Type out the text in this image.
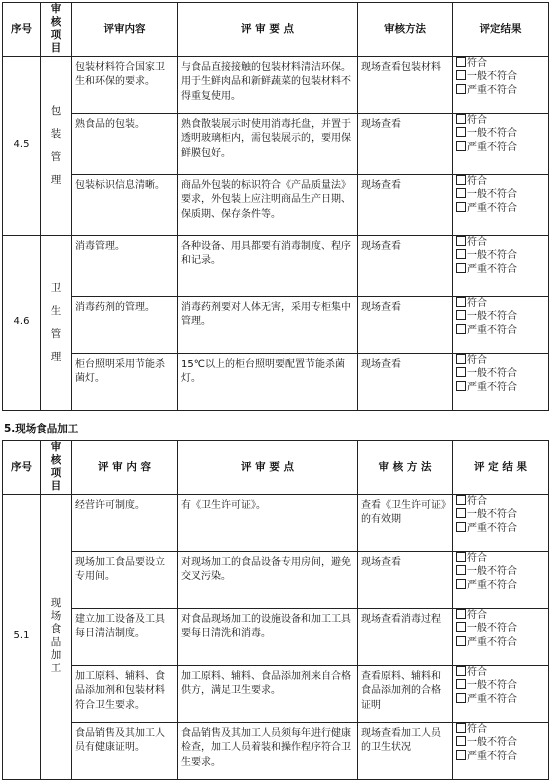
序号	审核项目	评审内容	评 审 要 点	审核方法	评定结果
4.5	包装管理	包装材料符合国家卫生和环保的要求。	与食品直接接触的包装材料清洁环保。用于生鲜肉品和新鲜蔬菜的包装材料不得重复使用。	现场查看包装材料	符合
一般不符合
严重不符合

		熟食品的包装。	熟食散装展示时使用消毒托盘，并置于透明玻璃柜内，需包装展示的，要用保鲜膜包好。	现场查看	符合
一般不符合
严重不符合

		包装标识信息清晰。	商品外包装的标识符合《产品质量法》要求，外包装上应注明商品生产日期、保质期、保存条件等。	现场查看	符合
一般不符合
严重不符合

4.6	卫生管理	消毒管理。	各种设备、用具都要有消毒制度、程序和记录。	现场查看	符合
一般不符合
严重不符合

		消毒药剂的管理。	消毒药剂要对人体无害，采用专柜集中管理。	现场查看	符合
一般不符合
严重不符合

		柜台照明采用节能杀菌灯。	15℃以上的柜台照明要配置节能杀菌灯。	现场查看	符合
一般不符合
严重不符合
5.现场食品加工
序号	审核项目	评 审 内 容	评 审 要 点	审 核 方 法	评 定 结 果
5.1	现场食品加工	经营许可制度。	有《卫生许可证》。	查看《卫生许可证》的有效期	符合
一般不符合
严重不符合

		现场加工食品要设立专用间。	对现场加工的食品设备专用房间，避免交叉污染。	现场查看	符合
一般不符合
严重不符合

		建立加工设备及工具每日清洁制度。	对食品现场加工的设施设备和加工工具要每日清洗和消毒。	现场查看消毒过程	符合
一般不符合
严重不符合

		加工原料、辅料、食品添加剂和包装材料符合卫生要求。	加工原料、辅料、食品添加剂来自合格供方，满足卫生要求。	查看原料、辅料和食品添加剂的合格证明	符合
一般不符合
严重不符合

		食品销售及其加工人员有健康证明。	食品销售及其加工人员须每年进行健康检查，加工人员着装和操作程序符合卫生要求。	现场查看加工人员的卫生状况	符合
一般不符合
严重不符合
